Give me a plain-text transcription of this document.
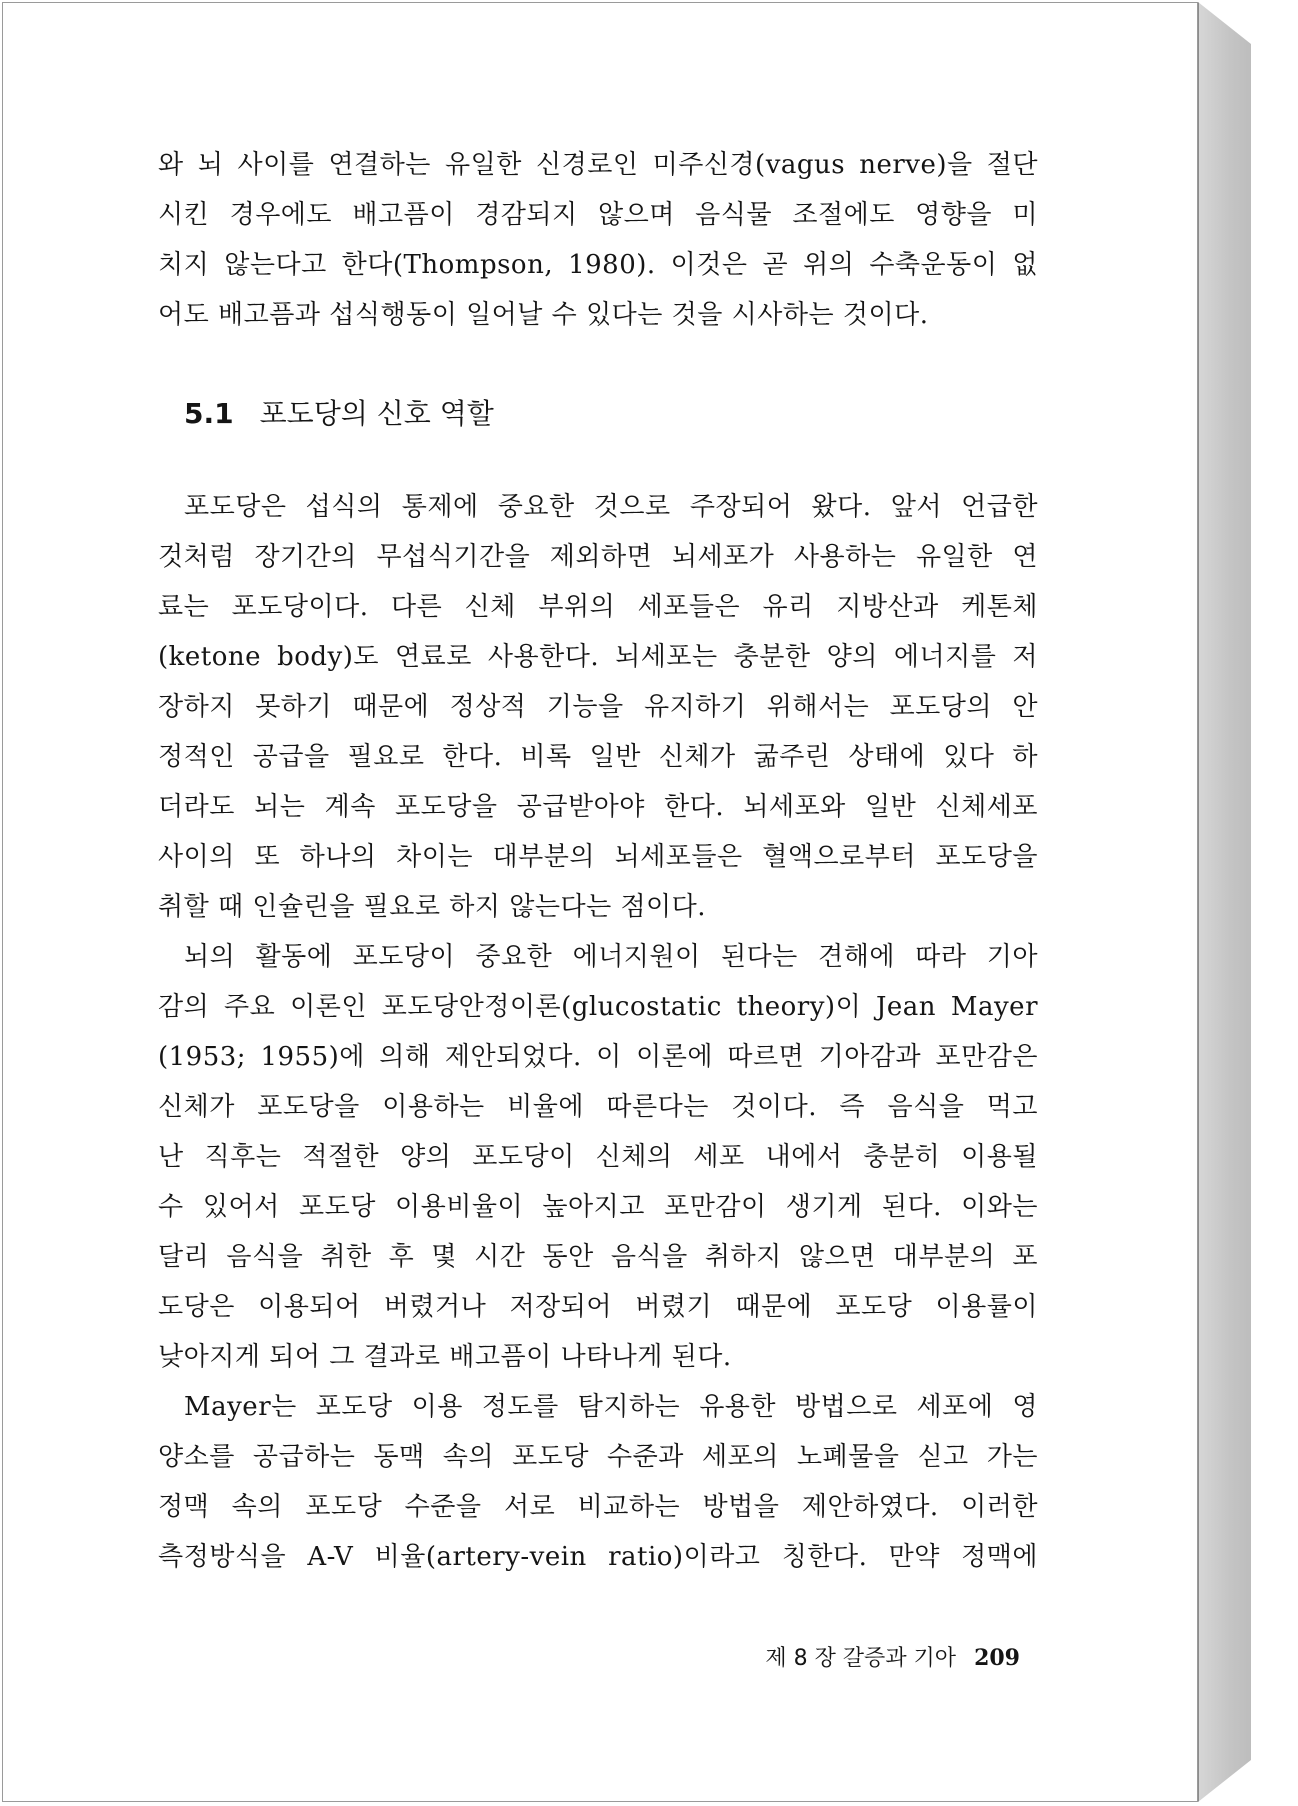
와 뇌 사이를 연결하는 유일한 신경로인 미주신경(vagus nerve)을 절단
시킨 경우에도 배고픔이 경감되지 않으며 음식물 조절에도 영향을 미
치지 않는다고 한다(Thompson, 1980). 이것은 곧 위의 수축운동이 없
어도 배고픔과 섭식행동이 일어날 수 있다는 것을 시사하는 것이다.
5.1 포도당의 신호 역할
포도당은 섭식의 통제에 중요한 것으로 주장되어 왔다. 앞서 언급한
것처럼 장기간의 무섭식기간을 제외하면 뇌세포가 사용하는 유일한 연
료는 포도당이다. 다른 신체 부위의 세포들은 유리 지방산과 케톤체
(ketone body)도 연료로 사용한다. 뇌세포는 충분한 양의 에너지를 저
장하지 못하기 때문에 정상적 기능을 유지하기 위해서는 포도당의 안
정적인 공급을 필요로 한다. 비록 일반 신체가 굶주린 상태에 있다 하
더라도 뇌는 계속 포도당을 공급받아야 한다. 뇌세포와 일반 신체세포
사이의 또 하나의 차이는 대부분의 뇌세포들은 혈액으로부터 포도당을
취할 때 인슐린을 필요로 하지 않는다는 점이다.
뇌의 활동에 포도당이 중요한 에너지원이 된다는 견해에 따라 기아
감의 주요 이론인 포도당안정이론(glucostatic theory)이 Jean Mayer
(1953; 1955)에 의해 제안되었다. 이 이론에 따르면 기아감과 포만감은
신체가 포도당을 이용하는 비율에 따른다는 것이다. 즉 음식을 먹고
난 직후는 적절한 양의 포도당이 신체의 세포 내에서 충분히 이용될
수 있어서 포도당 이용비율이 높아지고 포만감이 생기게 된다. 이와는
달리 음식을 취한 후 몇 시간 동안 음식을 취하지 않으면 대부분의 포
도당은 이용되어 버렸거나 저장되어 버렸기 때문에 포도당 이용률이
낮아지게 되어 그 결과로 배고픔이 나타나게 된다.
Mayer는 포도당 이용 정도를 탐지하는 유용한 방법으로 세포에 영
양소를 공급하는 동맥 속의 포도당 수준과 세포의 노폐물을 싣고 가는
정맥 속의 포도당 수준을 서로 비교하는 방법을 제안하였다. 이러한
측정방식을 A-V 비율(artery-vein ratio)이라고 칭한다. 만약 정맥에
제 8 장 갈증과 기아 209
